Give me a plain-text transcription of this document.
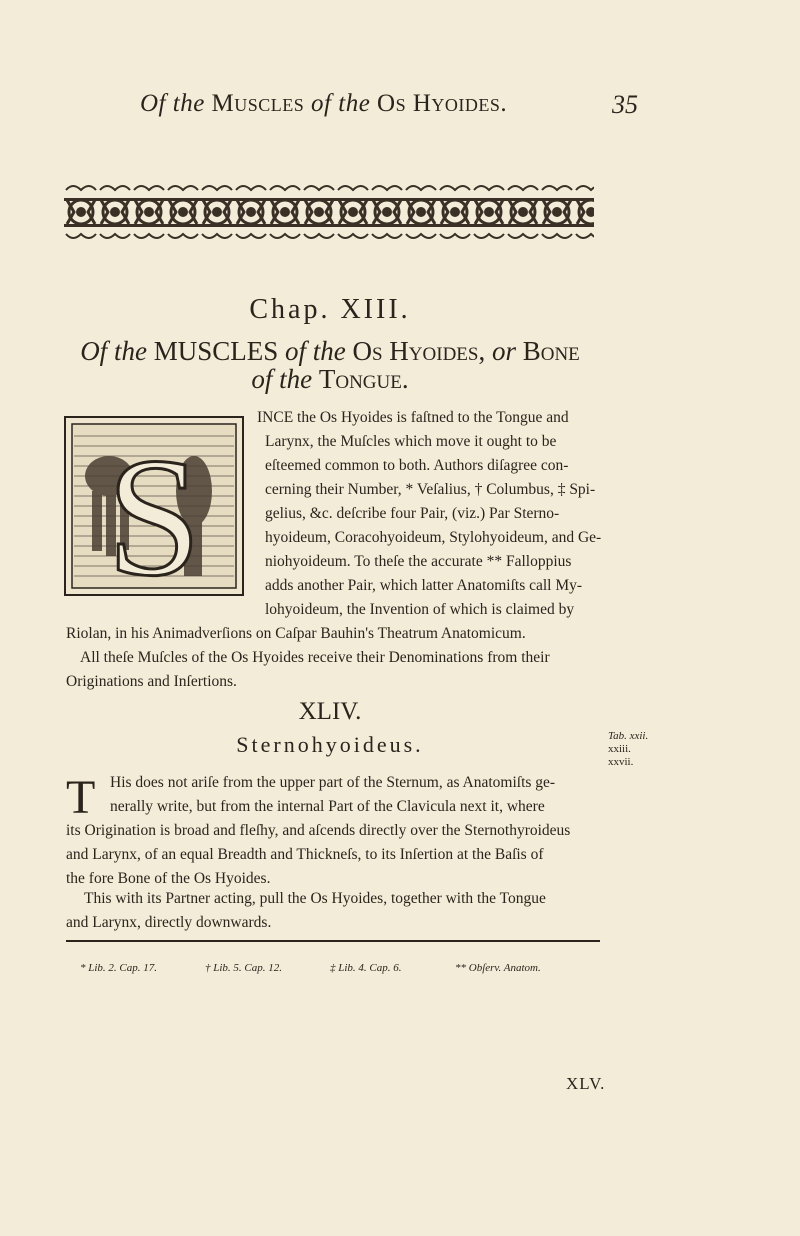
Of the Muscles of the Os Hyoides.	35
Chap. XIII.
Of the MUSCLES of the Os Hyoides, or Bone
of the Tongue.
S
INCE the Os Hyoides is faſtned to the Tongue and
Larynx, the Muſcles which move it ought to be
eſteemed common to both. Authors diſagree con-
cerning their Number, * Veſalius, † Columbus, ‡ Spi-
gelius, &c. deſcribe four Pair, (viz.) Par Sterno-
hyoideum, Coracohyoideum, Stylohyoideum, and Ge-
niohyoideum. To theſe the accurate ** Falloppius
adds another Pair, which latter Anatomiſts call My-
lohyoideum, the Invention of which is claimed by
Riolan, in his Animadverſions on Caſpar Bauhin's Theatrum Anatomicum.
All theſe Muſcles of the Os Hyoides receive their Denominations from their
Originations and Inſertions.
XLIV.
Sternohyoideus.	Tab. xxii.
xxiii.
xxvii.
T His does not ariſe from the upper part of the Sternum, as Anatomiſts ge-
nerally write, but from the internal Part of the Clavicula next it, where
its Origination is broad and fleſhy, and aſcends directly over the Sternothyroideus
and Larynx, of an equal Breadth and Thickneſs, to its Inſertion at the Baſis of
the fore Bone of the Os Hyoides.
This with its Partner acting, pull the Os Hyoides, together with the Tongue
and Larynx, directly downwards.
* Lib. 2. Cap. 17.	† Lib. 5. Cap. 12.	‡ Lib. 4. Cap. 6.	** Obſerv. Anatom.
XLV.
